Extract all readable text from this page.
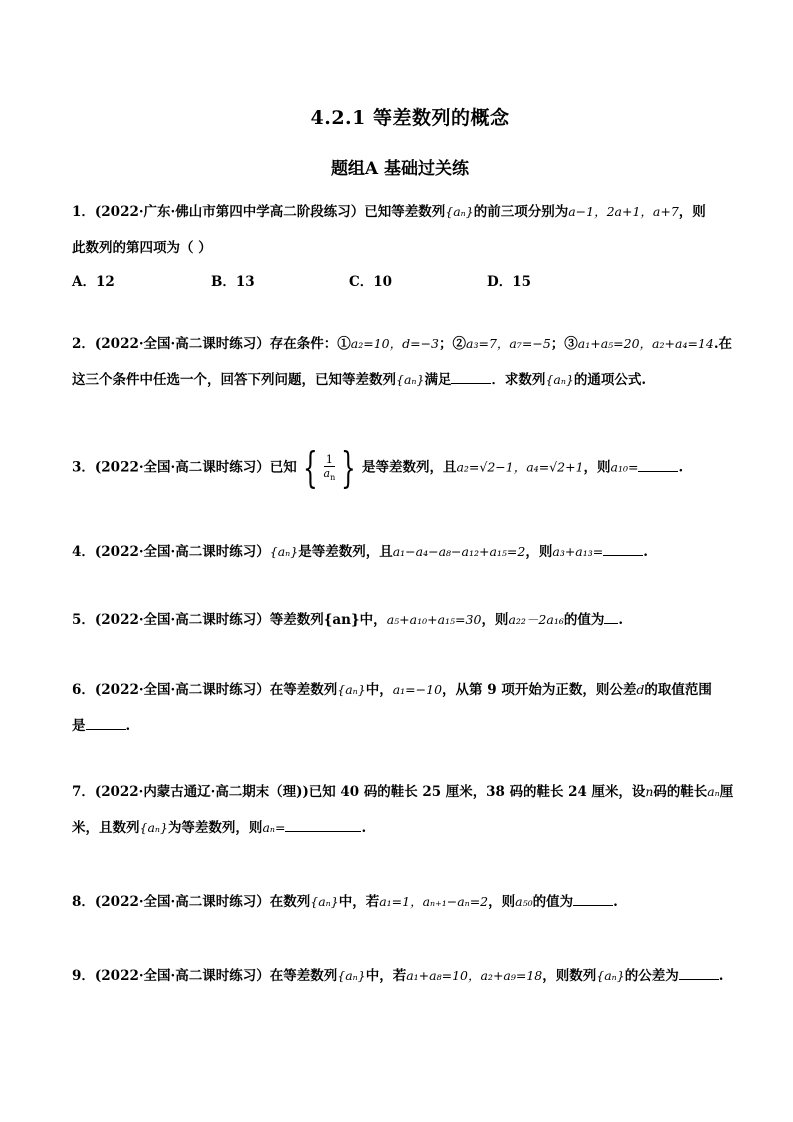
4.2.1 等差数列的概念
题组A 基础过关练
1．(2022·广东·佛山市第四中学高二阶段练习）已知等差数列{aₙ}的前三项分别为a−1，2a+1，a+7，则
此数列的第四项为（ ）
A．12	B．13	C．10	D．15
2．(2022·全国·高二课时练习）存在条件：①a₂=10，d=−3；②a₃=7，a₇=−5；③a₁+a₅=20，a₂+a₄=14.在
这三个条件中任选一个，回答下列问题，已知等差数列{aₙ}满足	．求数列{aₙ}的通项公式.
3．(2022·全国·高二课时练习）已知 { $\frac{1}{a_n}$ } 是等差数列，且a₂=√2−1，a₄=√2+1，则a₁₀=	.
4．(2022·全国·高二课时练习）{aₙ}是等差数列，且a₁−a₄−a₈−a₁₂+a₁₅=2，则a₃+a₁₃=	.
5．(2022·全国·高二课时练习）等差数列{an}中，a₅+a₁₀+a₁₅=30，则a₂₂－2a₁₆的值为 .
6．(2022·全国·高二课时练习）在等差数列{aₙ}中，a₁=−10，从第 9 项开始为正数，则公差d的取值范围
是	.
7．(2022·内蒙古通辽·高二期末（理))已知 40 码的鞋长 25 厘米，38 码的鞋长 24 厘米，设n码的鞋长aₙ厘
米，且数列{aₙ}为等差数列，则aₙ=	.
8．(2022·全国·高二课时练习）在数列{aₙ}中，若a₁=1，aₙ₊₁−aₙ=2，则a₅₀的值为	.
9．(2022·全国·高二课时练习）在等差数列{aₙ}中，若a₁+a₈=10，a₂+a₉=18，则数列{aₙ}的公差为	.
